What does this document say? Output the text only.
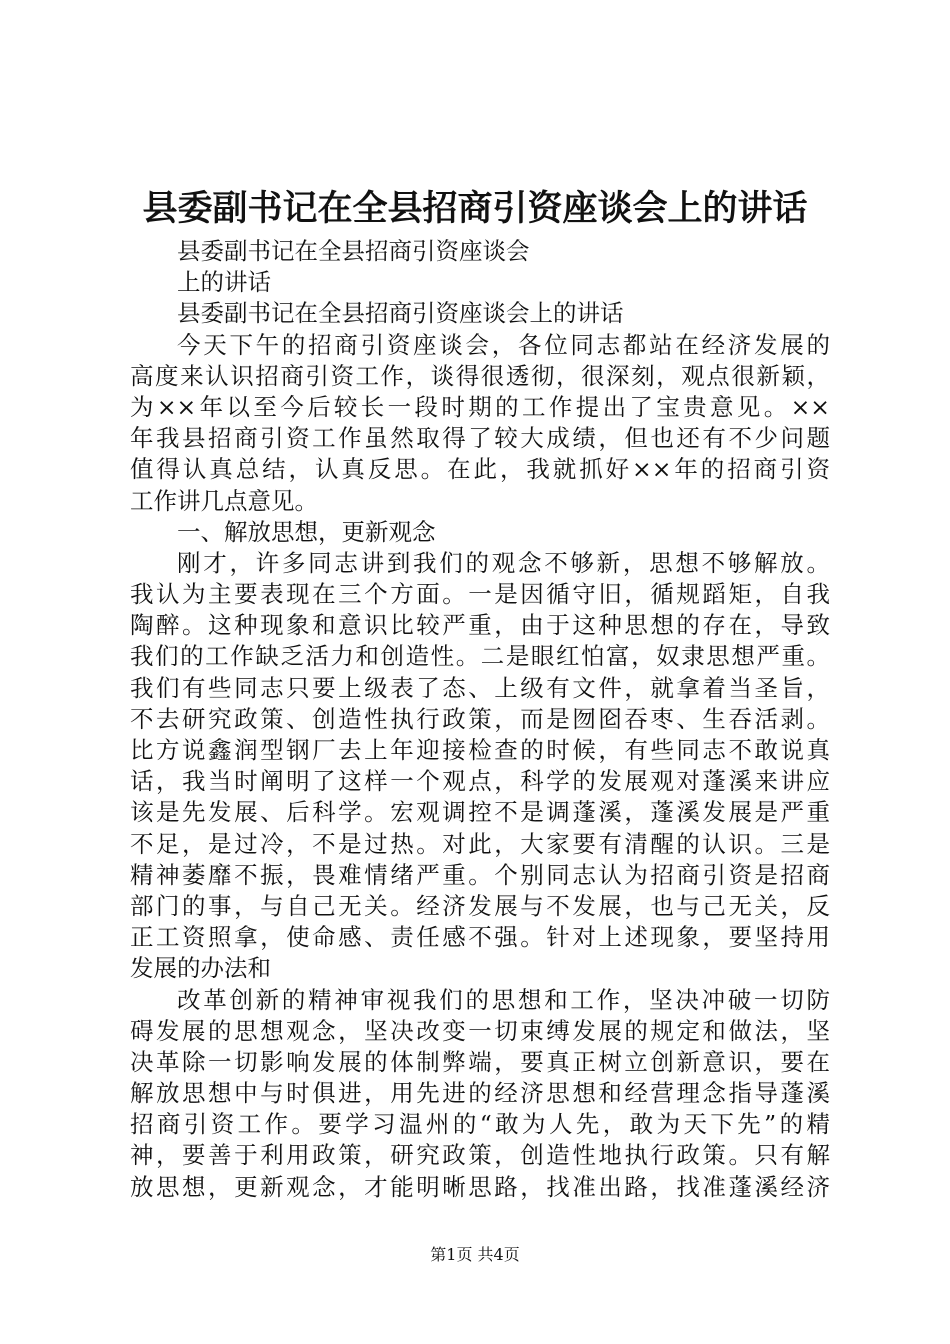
县委副书记在全县招商引资座谈会上的讲话
县委副书记在全县招商引资座谈会
上的讲话
县委副书记在全县招商引资座谈会上的讲话
今天下午的招商引资座谈会，各位同志都站在经济发展的
高度来认识招商引资工作，谈得很透彻，很深刻，观点很新颖，
为××年以至今后较长一段时期的工作提出了宝贵意见。××
年我县招商引资工作虽然取得了较大成绩，但也还有不少问题
值得认真总结，认真反思。在此，我就抓好××年的招商引资
工作讲几点意见。
一、解放思想，更新观念
刚才，许多同志讲到我们的观念不够新，思想不够解放。
我认为主要表现在三个方面。一是因循守旧，循规蹈矩，自我
陶醉。这种现象和意识比较严重，由于这种思想的存在，导致
我们的工作缺乏活力和创造性。二是眼红怕富，奴隶思想严重。
我们有些同志只要上级表了态、上级有文件，就拿着当圣旨，
不去研究政策、创造性执行政策，而是囫囵吞枣、生吞活剥。
比方说鑫润型钢厂去上年迎接检查的时候，有些同志不敢说真
话，我当时阐明了这样一个观点，科学的发展观对蓬溪来讲应
该是先发展、后科学。宏观调控不是调蓬溪，蓬溪发展是严重
不足，是过冷，不是过热。对此，大家要有清醒的认识。三是
精神萎靡不振，畏难情绪严重。个别同志认为招商引资是招商
部门的事，与自己无关。经济发展与不发展，也与己无关，反
正工资照拿，使命感、责任感不强。针对上述现象，要坚持用
发展的办法和
改革创新的精神审视我们的思想和工作，坚决冲破一切防
碍发展的思想观念，坚决改变一切束缚发展的规定和做法，坚
决革除一切影响发展的体制弊端，要真正树立创新意识，要在
解放思想中与时俱进，用先进的经济思想和经营理念指导蓬溪
招商引资工作。要学习温州的“敢为人先，敢为天下先”的精
神，要善于利用政策，研究政策，创造性地执行政策。只有解
放思想，更新观念，才能明晰思路，找准出路，找准蓬溪经济
第1页 共4页
